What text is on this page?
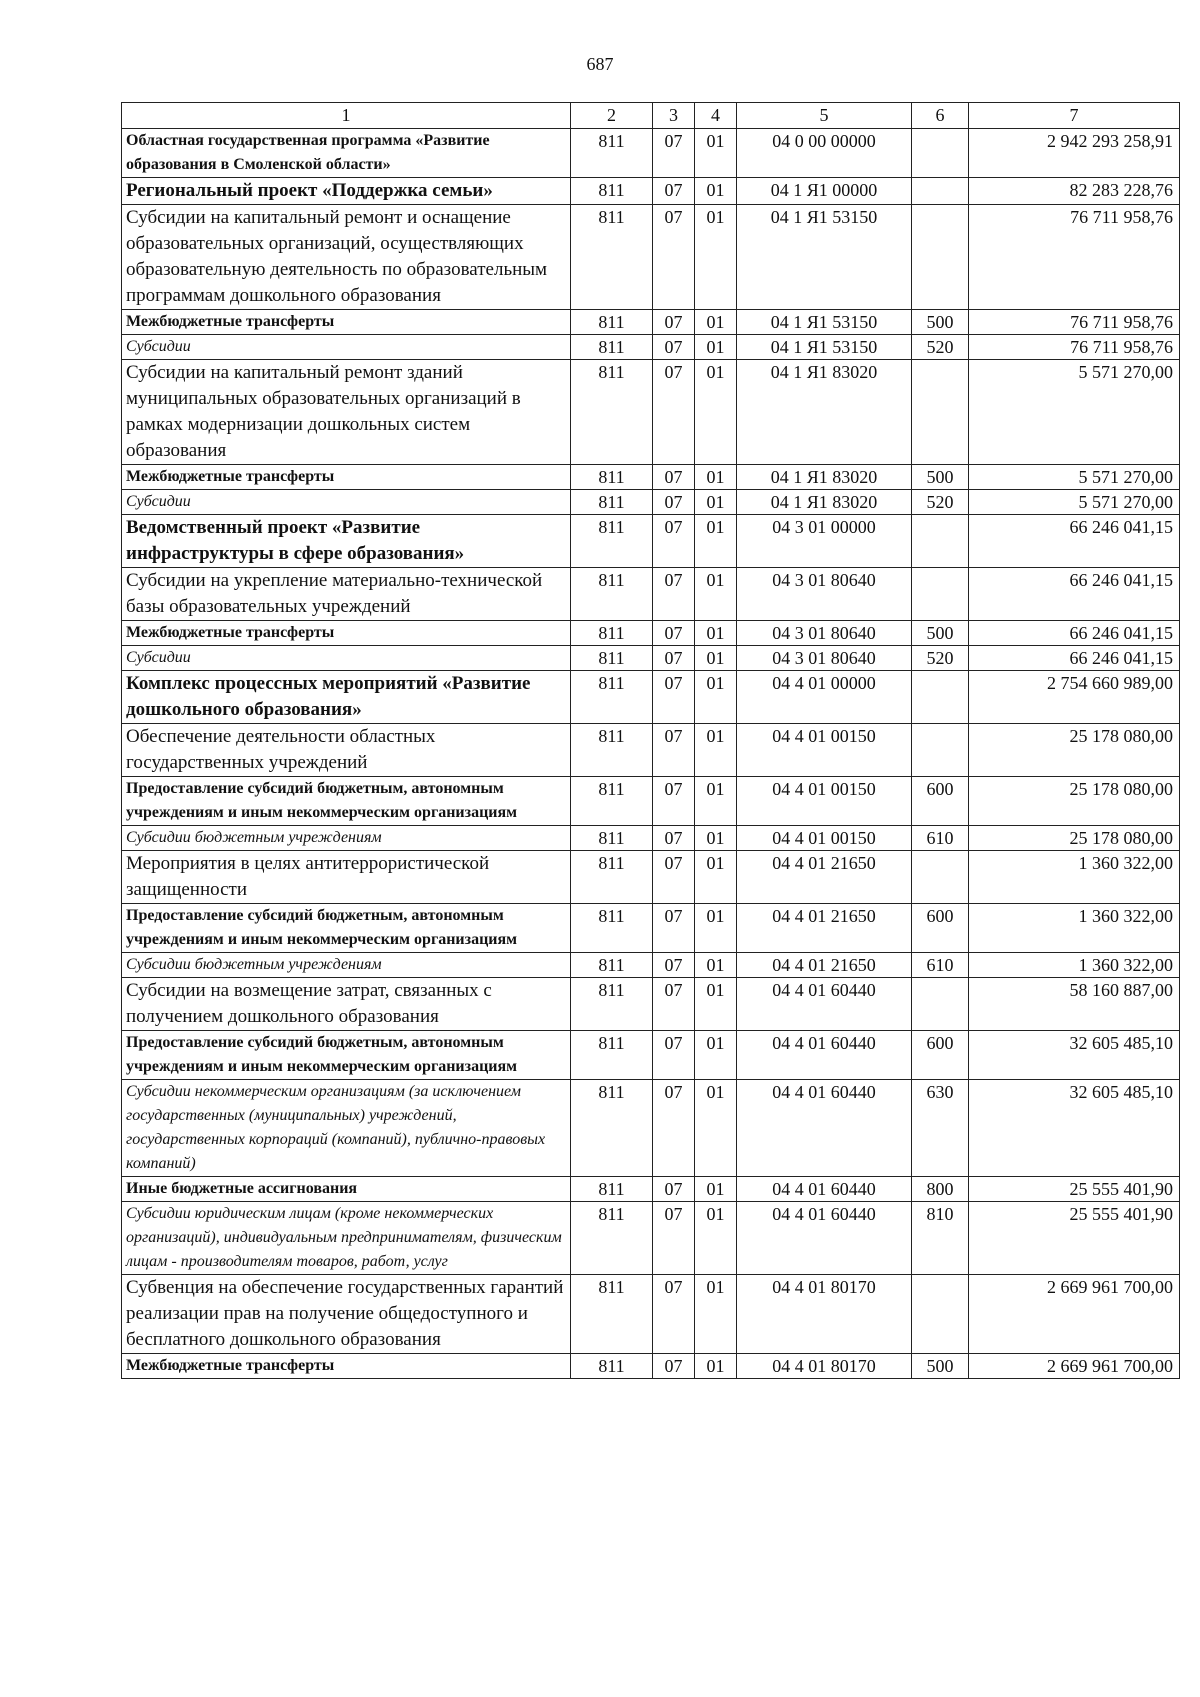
687
1	2	3	4	5	6	7
Областная государственная программа «Развитие образования в Смоленской области»	811	07	01	04 0 00 00000		2 942 293 258,91
Региональный проект «Поддержка семьи»	811	07	01	04 1 Я1 00000		82 283 228,76
Субсидии на капитальный ремонт и оснащение образовательных организаций, осуществляющих образовательную деятельность по образовательным программам дошкольного образования	811	07	01	04 1 Я1 53150		76 711 958,76
Межбюджетные трансферты	811	07	01	04 1 Я1 53150	500	76 711 958,76
Субсидии	811	07	01	04 1 Я1 53150	520	76 711 958,76
Субсидии на капитальный ремонт зданий муниципальных образовательных организаций в рамках модернизации дошкольных систем образования	811	07	01	04 1 Я1 83020		5 571 270,00
Межбюджетные трансферты	811	07	01	04 1 Я1 83020	500	5 571 270,00
Субсидии	811	07	01	04 1 Я1 83020	520	5 571 270,00
Ведомственный проект «Развитие инфраструктуры в сфере образования»	811	07	01	04 3 01 00000		66 246 041,15
Субсидии на укрепление материально-технической базы образовательных учреждений	811	07	01	04 3 01 80640		66 246 041,15
Межбюджетные трансферты	811	07	01	04 3 01 80640	500	66 246 041,15
Субсидии	811	07	01	04 3 01 80640	520	66 246 041,15
Комплекс процессных мероприятий «Развитие дошкольного образования»	811	07	01	04 4 01 00000		2 754 660 989,00
Обеспечение деятельности областных государственных учреждений	811	07	01	04 4 01 00150		25 178 080,00
Предоставление субсидий бюджетным, автономным учреждениям и иным некоммерческим организациям	811	07	01	04 4 01 00150	600	25 178 080,00
Субсидии бюджетным учреждениям	811	07	01	04 4 01 00150	610	25 178 080,00
Мероприятия в целях антитеррористической защищенности	811	07	01	04 4 01 21650		1 360 322,00
Предоставление субсидий бюджетным, автономным учреждениям и иным некоммерческим организациям	811	07	01	04 4 01 21650	600	1 360 322,00
Субсидии бюджетным учреждениям	811	07	01	04 4 01 21650	610	1 360 322,00
Субсидии на возмещение затрат, связанных с получением дошкольного образования	811	07	01	04 4 01 60440		58 160 887,00
Предоставление субсидий бюджетным, автономным учреждениям и иным некоммерческим организациям	811	07	01	04 4 01 60440	600	32 605 485,10
Субсидии некоммерческим организациям (за исключением государственных (муниципальных) учреждений, государственных корпораций (компаний), публично-правовых компаний)	811	07	01	04 4 01 60440	630	32 605 485,10
Иные бюджетные ассигнования	811	07	01	04 4 01 60440	800	25 555 401,90
Субсидии юридическим лицам (кроме некоммерческих организаций), индивидуальным предпринимателям, физическим лицам - производителям товаров, работ, услуг	811	07	01	04 4 01 60440	810	25 555 401,90
Субвенция на обеспечение государственных гарантий реализации прав на получение общедоступного и бесплатного дошкольного образования	811	07	01	04 4 01 80170		2 669 961 700,00
Межбюджетные трансферты	811	07	01	04 4 01 80170	500	2 669 961 700,00
